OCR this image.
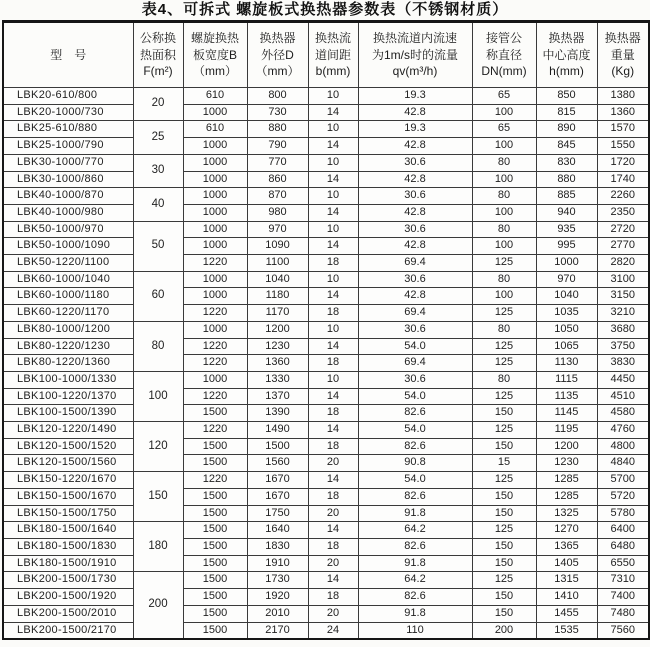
表4、可拆式 螺旋板式换热器参数表（不锈钢材质）
型　号	公称换
热面积
F(m²)	螺旋换热
板宽度B
（mm）	换热器
外径D
（mm）	换热流
道间距
b(mm)	换热流道内流速
为1m/s时的流量
qv(m³/h)	接管公
称直径
DN(mm)	换热器
中心高度
h(mm)	换热器
重量
(Kg)

LBK20-610/800	20	610	800	10	19.3	65	850	1380
LBK20-1000/730		1000	730	14	42.8	100	815	1360
LBK25-610/880	25	610	880	10	19.3	65	890	1570
LBK25-1000/790		1000	790	14	42.8	100	845	1550
LBK30-1000/770	30	1000	770	10	30.6	80	830	1720
LBK30-1000/860		1000	860	14	42.8	100	880	1740
LBK40-1000/870	40	1000	870	10	30.6	80	885	2260
LBK40-1000/980		1000	980	14	42.8	100	940	2350
LBK50-1000/970	50	1000	970	10	30.6	80	935	2720
LBK50-1000/1090		1000	1090	14	42.8	100	995	2770
LBK50-1220/1100		1220	1100	18	69.4	125	1000	2820
LBK60-1000/1040	60	1000	1040	10	30.6	80	970	3100
LBK60-1000/1180		1000	1180	14	42.8	100	1040	3150
LBK60-1220/1170		1220	1170	18	69.4	125	1035	3210
LBK80-1000/1200	80	1000	1200	10	30.6	80	1050	3680
LBK80-1220/1230		1220	1230	14	54.0	125	1065	3750
LBK80-1220/1360		1220	1360	18	69.4	125	1130	3830
LBK100-1000/1330	100	1000	1330	10	30.6	80	1115	4450
LBK100-1220/1370		1220	1370	14	54.0	125	1135	4510
LBK100-1500/1390		1500	1390	18	82.6	150	1145	4580
LBK120-1220/1490	120	1220	1490	14	54.0	125	1195	4760
LBK120-1500/1520		1500	1500	18	82.6	150	1200	4800
LBK120-1500/1560		1500	1560	20	90.8	15	1230	4840
LBK150-1220/1670	150	1220	1670	14	54.0	125	1285	5700
LBK150-1500/1670		1500	1670	18	82.6	150	1285	5720
LBK150-1500/1750		1500	1750	20	91.8	150	1325	5780
LBK180-1500/1640	180	1500	1640	14	64.2	125	1270	6400
LBK180-1500/1830		1500	1830	18	82.6	150	1365	6480
LBK180-1500/1910		1500	1910	20	91.8	150	1405	6550
LBK200-1500/1730	200	1500	1730	14	64.2	125	1315	7310
LBK200-1500/1920		1500	1920	18	82.6	150	1410	7400
LBK200-1500/2010		1500	2010	20	91.8	150	1455	7480
LBK200-1500/2170		1500	2170	24	110	200	1535	7560
